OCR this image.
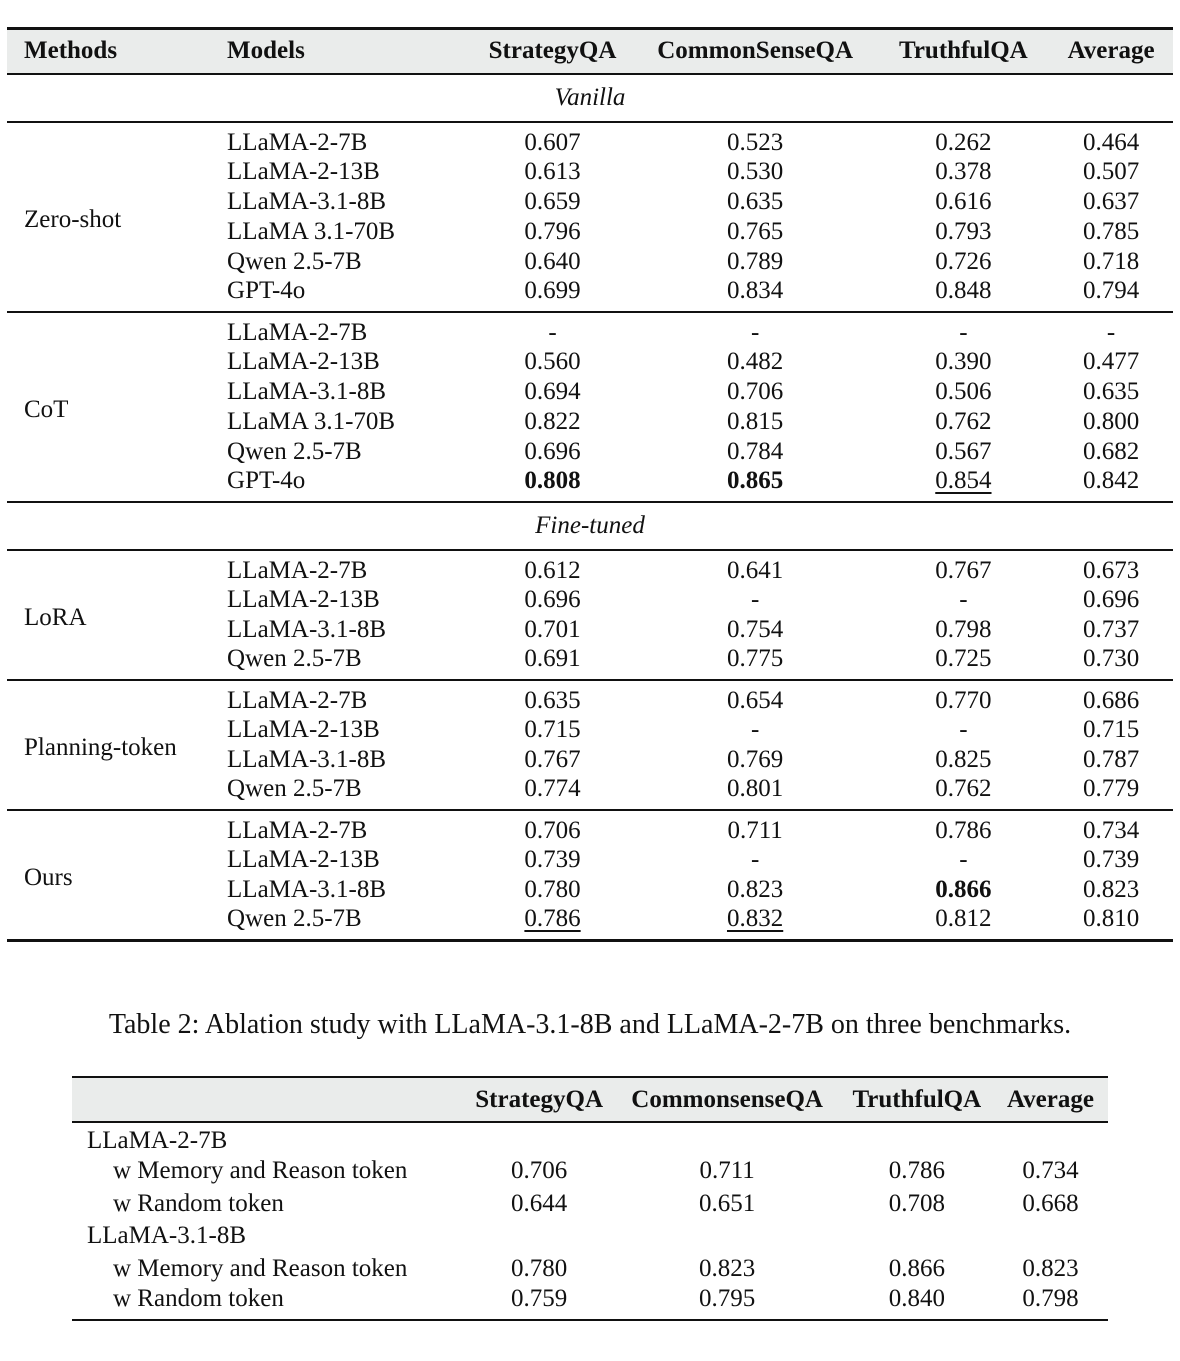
Methods	Models	StrategyQA	CommonSenseQA	TruthfulQA	Average
Vanilla					
Zero-shot	LLaMA-2-7B	0.607	0.523	0.262	0.464
	LLaMA-2-13B	0.613	0.530	0.378	0.507
	LLaMA-3.1-8B	0.659	0.635	0.616	0.637
	LLaMA 3.1-70B	0.796	0.765	0.793	0.785
	Qwen 2.5-7B	0.640	0.789	0.726	0.718
	GPT-4o	0.699	0.834	0.848	0.794
CoT	LLaMA-2-7B	-	-	-	-
	LLaMA-2-13B	0.560	0.482	0.390	0.477
	LLaMA-3.1-8B	0.694	0.706	0.506	0.635
	LLaMA 3.1-70B	0.822	0.815	0.762	0.800
	Qwen 2.5-7B	0.696	0.784	0.567	0.682
	GPT-4o	0.808	0.865	0.854	0.842
Fine-tuned					
LoRA	LLaMA-2-7B	0.612	0.641	0.767	0.673
	LLaMA-2-13B	0.696	-	-	0.696
	LLaMA-3.1-8B	0.701	0.754	0.798	0.737
	Qwen 2.5-7B	0.691	0.775	0.725	0.730
Planning-token	LLaMA-2-7B	0.635	0.654	0.770	0.686
	LLaMA-2-13B	0.715	-	-	0.715
	LLaMA-3.1-8B	0.767	0.769	0.825	0.787
	Qwen 2.5-7B	0.774	0.801	0.762	0.779
Ours	LLaMA-2-7B	0.706	0.711	0.786	0.734
	LLaMA-2-13B	0.739	-	-	0.739
	LLaMA-3.1-8B	0.780	0.823	0.866	0.823
	Qwen 2.5-7B	0.786	0.832	0.812	0.810
Table 2: Ablation study with LLaMA-3.1-8B and LLaMA-2-7B on three benchmarks.
	StrategyQA	CommonsenseQA	TruthfulQA	Average
LLaMA-2-7B				
w Memory and Reason token	0.706	0.711	0.786	0.734
w Random token	0.644	0.651	0.708	0.668
LLaMA-3.1-8B				
w Memory and Reason token	0.780	0.823	0.866	0.823
w Random token	0.759	0.795	0.840	0.798
